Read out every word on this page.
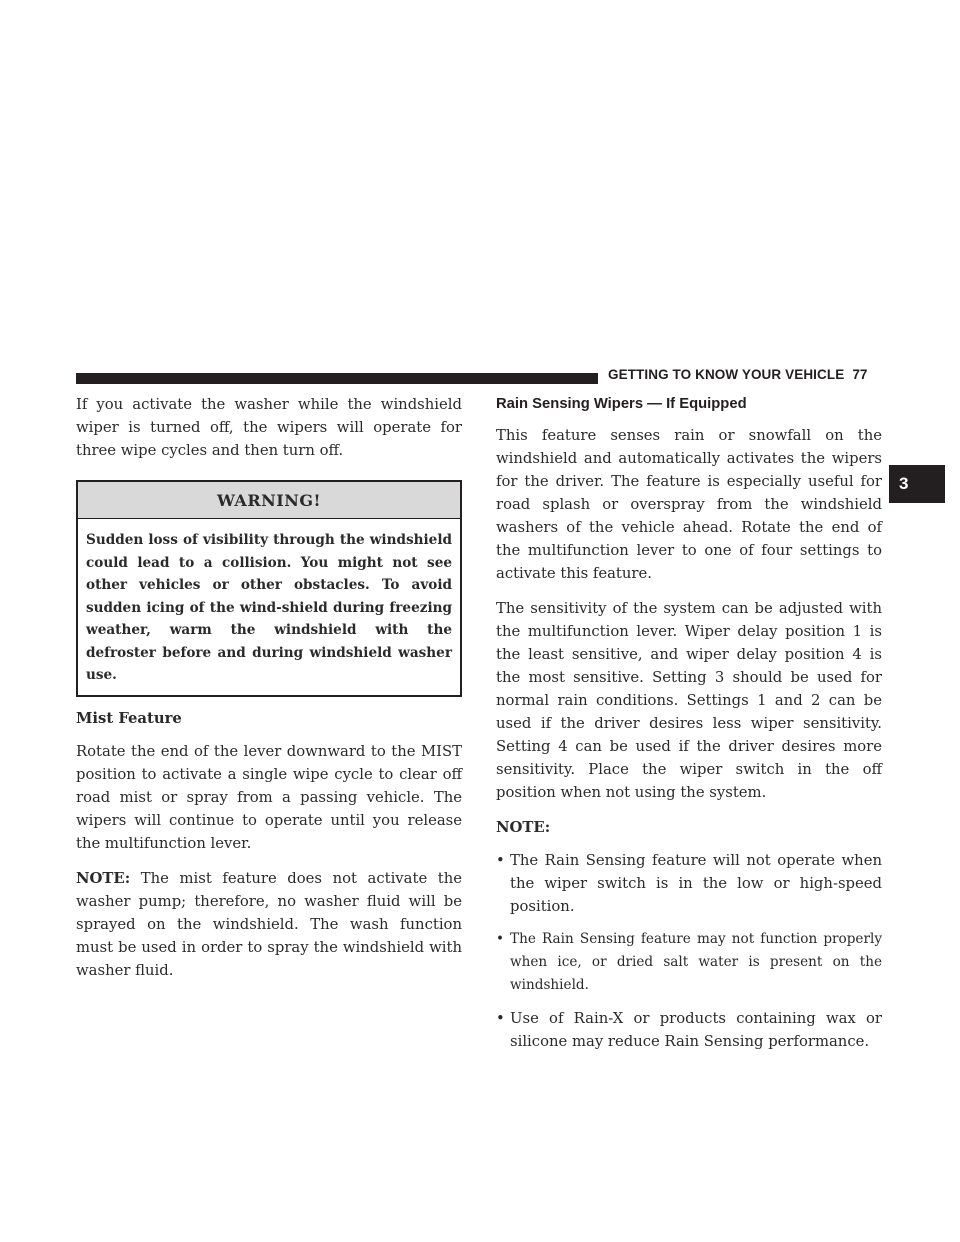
GETTING TO KNOW YOUR VEHICLE 77
3

If you activate the washer while the windshield wiper is turned off, the wipers will operate for three wipe cycles and then turn off.

WARNING!
Sudden loss of visibility through the windshield could lead to a collision. You might not see other vehicles or other obstacles. To avoid sudden icing of the wind-shield during freezing weather, warm the windshield with the defroster before and during windshield washer use.
Mist Feature

Rotate the end of the lever downward to the MIST position to activate a single wipe cycle to clear off road mist or spray from a passing vehicle. The wipers will continue to operate until you release the multifunction lever.

NOTE: The mist feature does not activate the washer pump; therefore, no washer fluid will be sprayed on the windshield. The wash function must be used in order to spray the windshield with washer fluid.

Rain Sensing Wipers — If Equipped

This feature senses rain or snowfall on the windshield and automatically activates the wipers for the driver. The feature is especially useful for road splash or overspray from the windshield washers of the vehicle ahead. Rotate the end of the multifunction lever to one of four settings to activate this feature.

The sensitivity of the system can be adjusted with the multifunction lever. Wiper delay position 1 is the least sensitive, and wiper delay position 4 is the most sensitive. Setting 3 should be used for normal rain conditions. Settings 1 and 2 can be used if the driver desires less wiper sensitivity. Setting 4 can be used if the driver desires more sensitivity. Place the wiper switch in the off position when not using the system.

NOTE:
• The Rain Sensing feature will not operate when the wiper switch is in the low or high-speed position.
• The Rain Sensing feature may not function properly when ice, or dried salt water is present on the windshield.
• Use of Rain-X or products containing wax or silicone may reduce Rain Sensing performance.
